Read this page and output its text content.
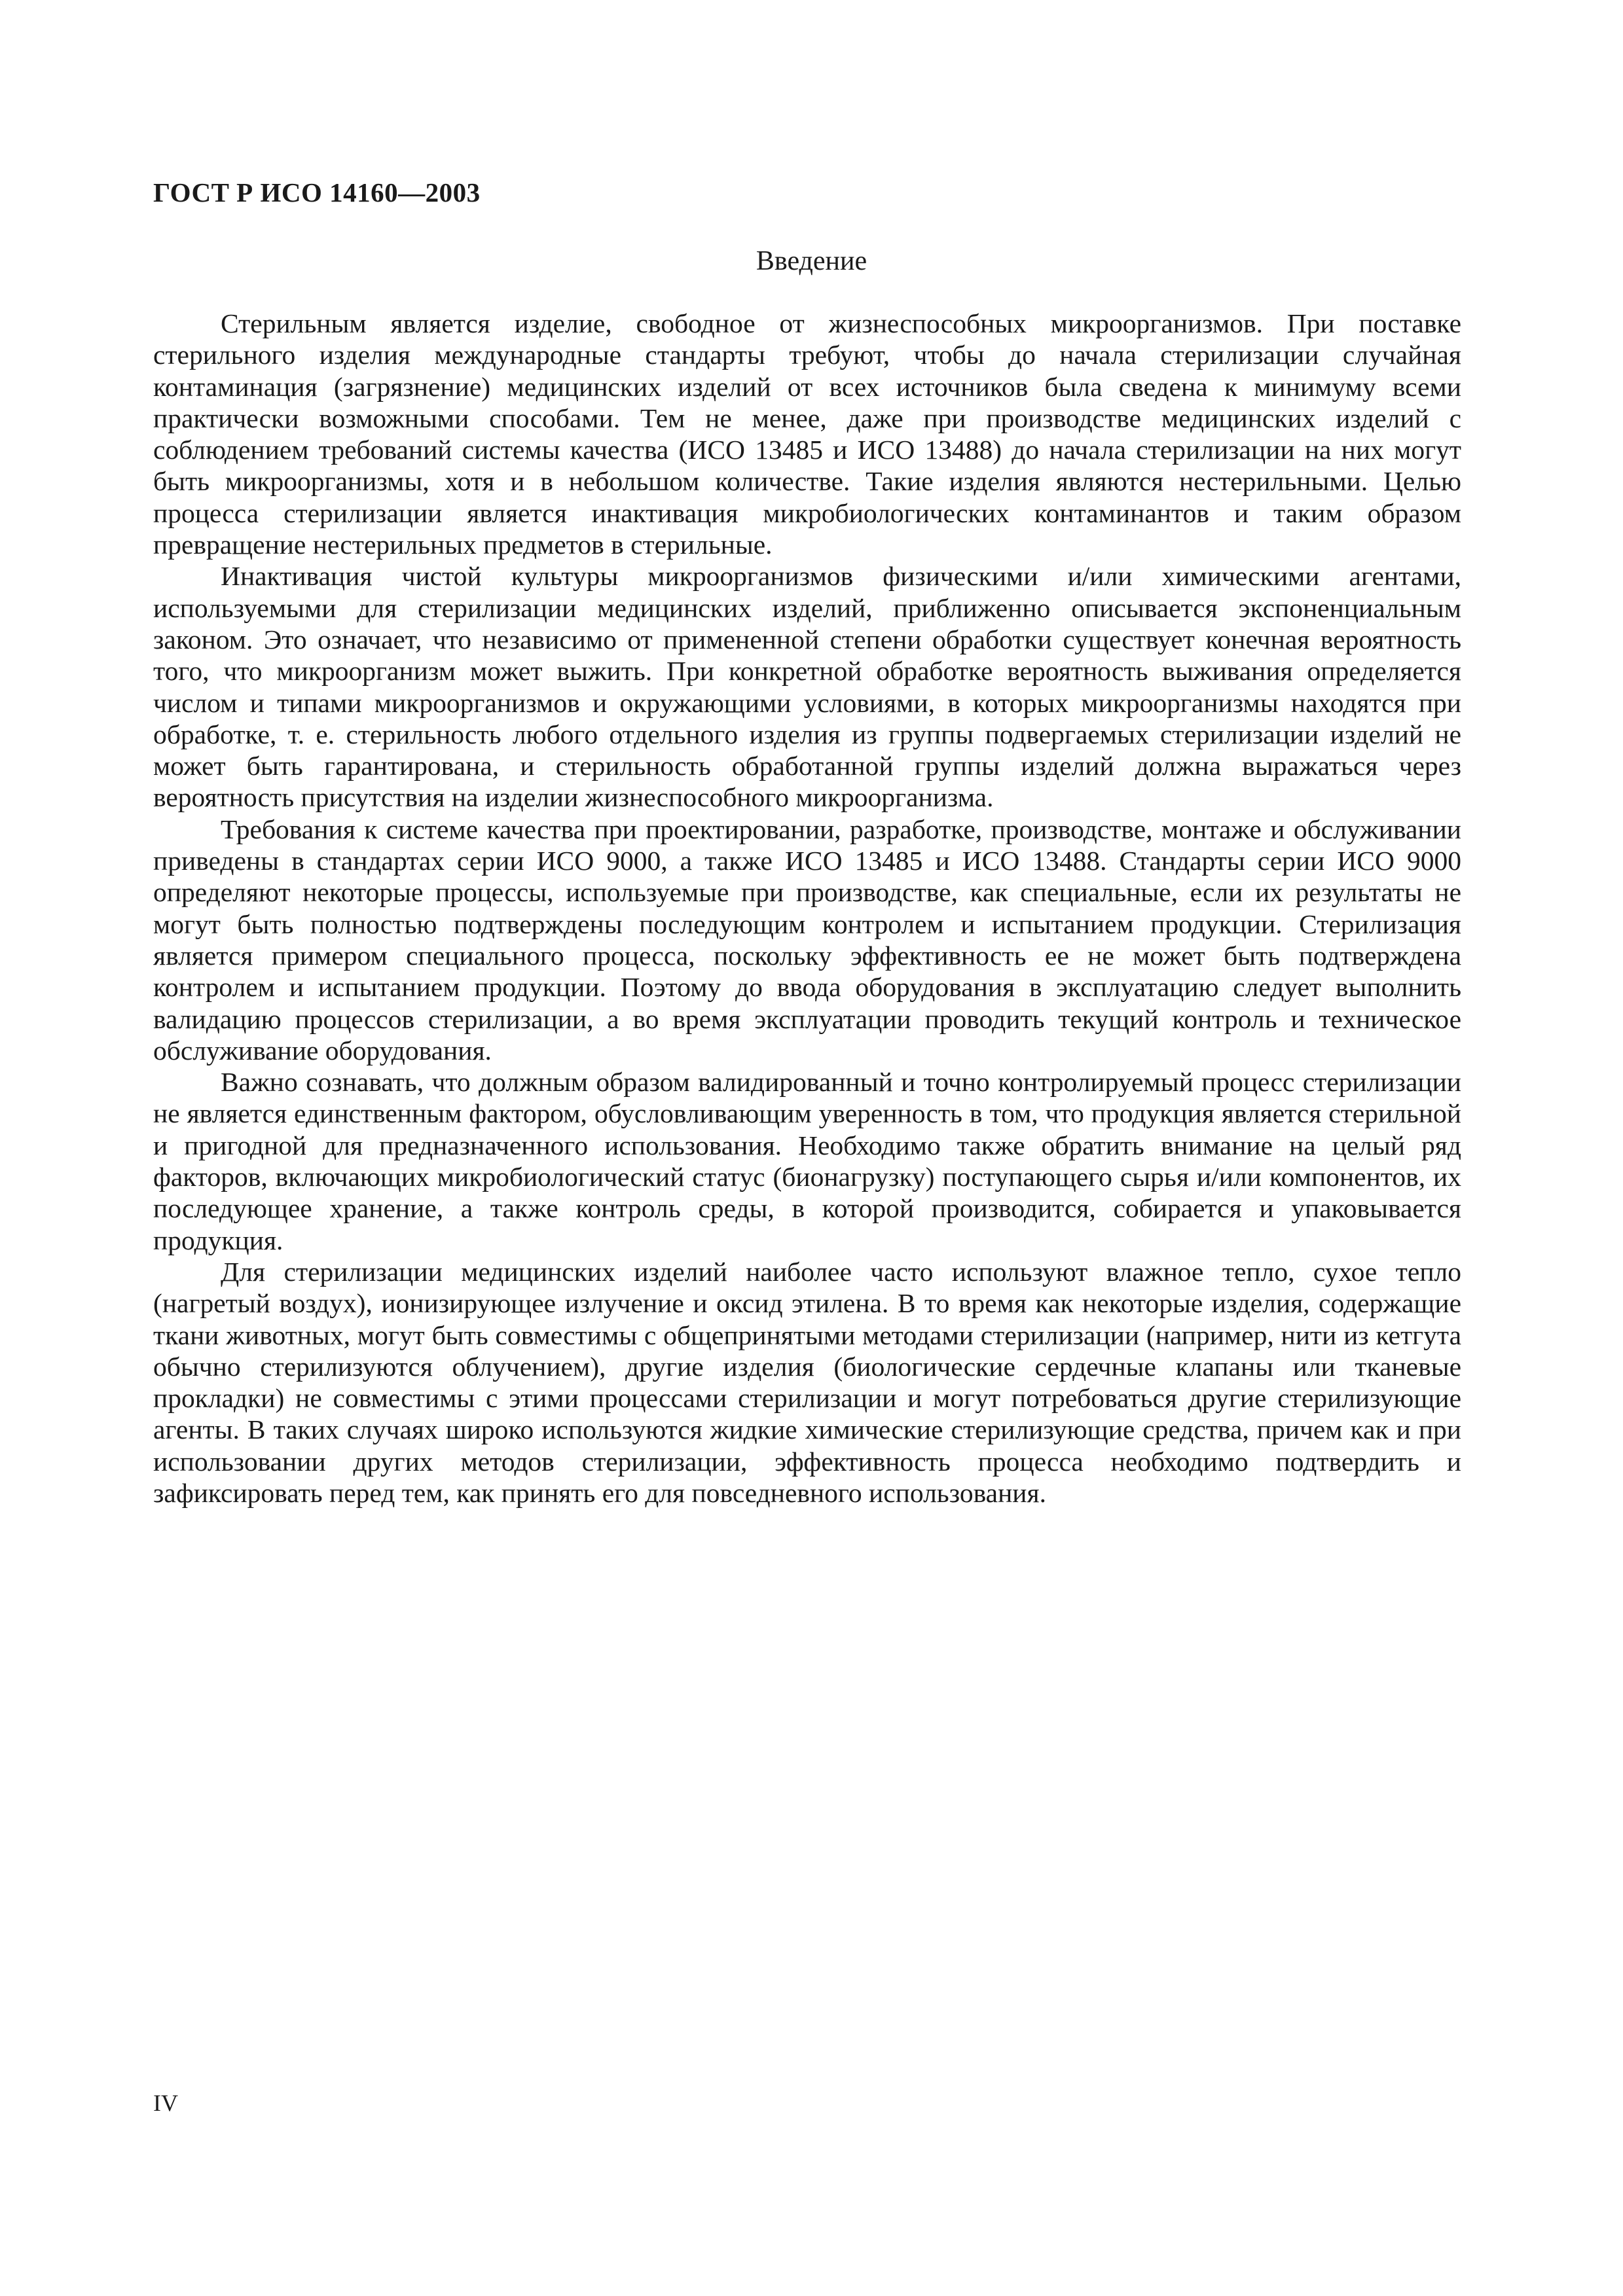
ГОСТ Р ИСО 14160—2003
Введение

Стерильным является изделие, свободное от жизнеспособных микроорганизмов. При поставке стерильного изделия международные стандарты требуют, чтобы до начала стерилизации случайная контаминация (загрязнение) медицинских изделий от всех источников была сведена к минимуму всеми практически возможными способами. Тем не менее, даже при производстве медицинских изделий с соблюдением требований системы качества (ИСО 13485 и ИСО 13488) до начала стерилизации на них могут быть микроорганизмы, хотя и в небольшом количестве. Такие изделия являются нестерильными. Целью процесса стерилизации является инактивация микробиологических контаминантов и таким образом превращение нестерильных предметов в стерильные.

Инактивация чистой культуры микроорганизмов физическими и/или химическими агентами, используемыми для стерилизации медицинских изделий, приближенно описывается экспоненциальным законом. Это означает, что независимо от примененной степени обработки существует конечная вероятность того, что микроорганизм может выжить. При конкретной обработке вероятность выживания определяется числом и типами микроорганизмов и окружающими условиями, в которых микроорганизмы находятся при обработке, т. е. стерильность любого отдельного изделия из группы подвергаемых стерилизации изделий не может быть гарантирована, и стерильность обработанной группы изделий должна выражаться через вероятность присутствия на изделии жизнеспособного микроорганизма.

Требования к системе качества при проектировании, разработке, производстве, монтаже и обслуживании приведены в стандартах серии ИСО 9000, а также ИСО 13485 и ИСО 13488. Стандарты серии ИСО 9000 определяют некоторые процессы, используемые при производстве, как специальные, если их результаты не могут быть полностью подтверждены последующим контролем и испытанием продукции. Стерилизация является примером специального процесса, поскольку эффективность ее не может быть подтверждена контролем и испытанием продукции. Поэтому до ввода оборудования в эксплуатацию следует выполнить валидацию процессов стерилизации, а во время эксплуатации проводить текущий контроль и техническое обслуживание оборудования.

Важно сознавать, что должным образом валидированный и точно контролируемый процесс стерилизации не является единственным фактором, обусловливающим уверенность в том, что продукция является стерильной и пригодной для предназначенного использования. Необходимо также обратить внимание на целый ряд факторов, включающих микробиологический статус (бионагрузку) поступающего сырья и/или компонентов, их последующее хранение, а также контроль среды, в которой производится, собирается и упаковывается продукция.

Для стерилизации медицинских изделий наиболее часто используют влажное тепло, сухое тепло (нагретый воздух), ионизирующее излучение и оксид этилена. В то время как некоторые изделия, содержащие ткани животных, могут быть совместимы с общепринятыми методами стерилизации (например, нити из кетгута обычно стерилизуются облучением), другие изделия (биологические сердечные клапаны или тканевые прокладки) не совместимы с этими процессами стерилизации и могут потребоваться другие стерилизующие агенты. В таких случаях широко используются жидкие химические стерилизующие средства, причем как и при использовании других методов стерилизации, эффективность процесса необходимо подтвердить и зафиксировать перед тем, как принять его для повседневного использования.

IV
